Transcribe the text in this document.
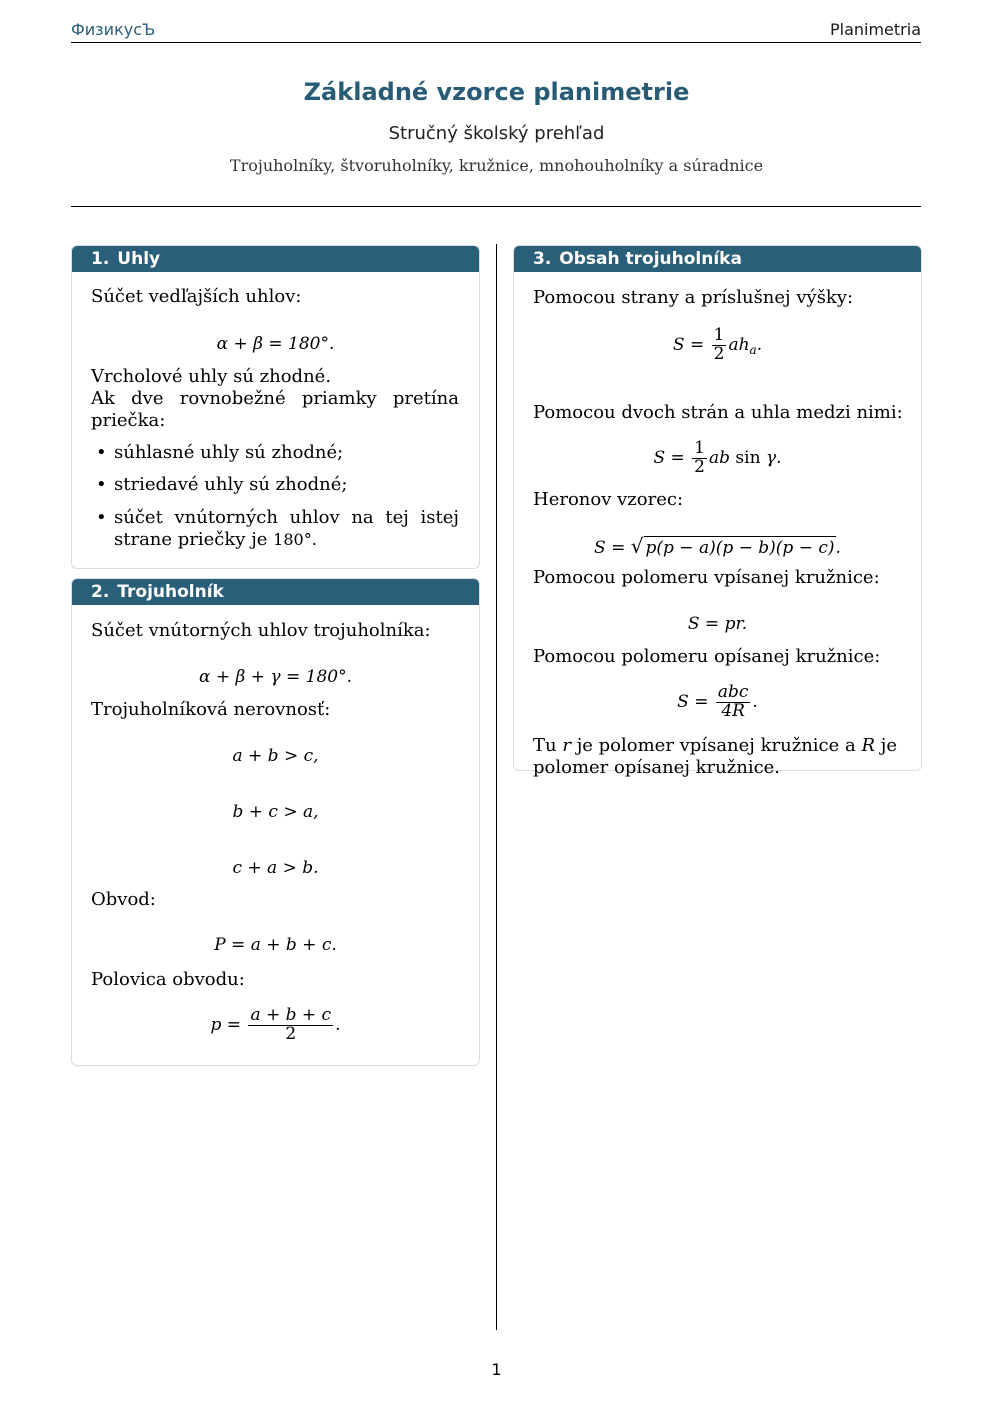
ФизикусЪ	Planimetria
Základné vzorce planimetrie
Stručný školský prehľad
Trojuholníky, štvoruholníky, kružnice, mnohouholníky a súradnice
1. Uhly
Súčet vedľajších uhlov:
α + β = 180°.
Vrcholové uhly sú zhodné.
Ak dve rovnobežné priamky pretína
priečka:
• súhlasné uhly sú zhodné;
• striedavé uhly sú zhodné;
• súčet vnútorných uhlov na tej istej
strane priečky je 180°.
2. Trojuholník
Súčet vnútorných uhlov trojuholníka:
α + β + γ = 180°.
Trojuholníková nerovnosť:
a + b > c,
b + c > a,
c + a > b.
Obvod:
P = a + b + c.
Polovica obvodu:
$p = \frac{a + b + c}{2}$ .
3. Obsah trojuholníka
Pomocou strany a príslušnej výšky:
$S = \frac{1}{2} ah_a$.
Pomocou dvoch strán a uhla medzi nimi:
$S = \frac{1}{2}$ ab sin γ.
Heronov vzorec:
S = √ p(p − a)(p − b)(p − c).
Pomocou polomeru vpísanej kružnice:
S = pr.
Pomocou polomeru opísanej kružnice:
$S = \frac{\text{abc}}{4R}$ .
Tu r je polomer vpísanej kružnice a R je
polomer opísanej kružnice.
1
